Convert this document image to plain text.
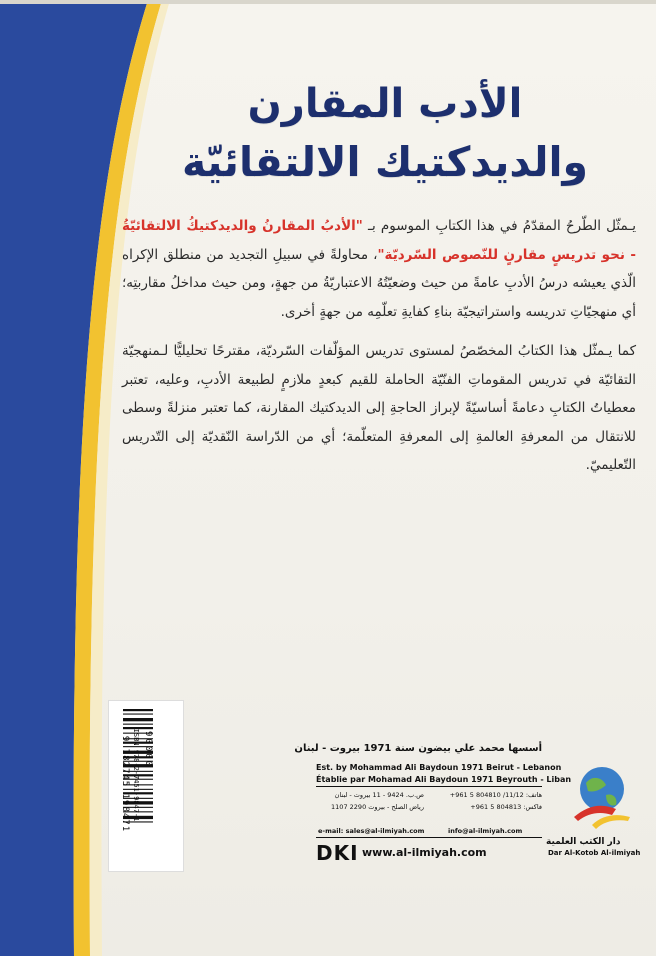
الأدب المقارن
والديدكتيك الالتقائيّة

يـمثّل الطّرحُ المقدّمُ في هذا الكتابِ الموسوم بـ "الأدبُ المقارنُ والديدكتيكُ الالتقائيّةُ - نحو تدريسٍ مقارنٍ للنّصوص السّرديّة"، محاولةً في سبيلِ التجديد من منطلق الإكراه الّذي يعيشه درسُ الأدبِ عامةً من حيث وضعيّتُهُ الاعتباريّةُ من جهةٍ، ومن حيث مداخلُ مقاربتِه؛ أي منهجيّاتِ تدريسه واستراتيجيّة بناءِ كفايةِ تعلّمِه من جهةٍ أخرى.

كما يـمثّل هذا الكتابُ المخصّصُ لمستوى تدريس المؤلّفات السّرديّة، مقترحًا تحليليًّا لـمنهجيّة التقائيّة في تدريس المقوماتِ الفنّيّة الحاملة للقيم كبعدٍ ملازمٍ لطبيعة الأدبِ، وعليه، تعتبر معطياتُ الكتابِ دعامةً أساسيّةً لإبراز الحاجةِ إلى الديدكتيك المقارنة، كما تعتبر منزلةً وسطى للانتقال من المعرفةِ العالمةِ إلى المعرفةِ المتعلّمة؛ أي من الدّراسة النّقديّة إلى التّدريس التّعليميّ.

ISBN 978-2-7451-9847-1
9 782745 198471 90000	أسسها محمد علي بيضون سنة 1971 بيروت - لبنان
Est. by Mohammad Ali Baydoun 1971 Beirut - Lebanon
Établie par Mohamad Ali Baydoun 1971 Beyrouth - Liban
ص.ب. 9424 - 11 بيروت - لبنان
رياض الصلح - بيروت 2290 1107
هاتف: 11/12/ 804810 5 961+
فاكس: 804813 5 961+
e-mail: sales@al-ilmiyah.com	info@al-ilmiyah.com
DKI www.al-ilmiyah.com
دار الكتب العلمية
Dar Al-Kotob Al-ilmiyah
